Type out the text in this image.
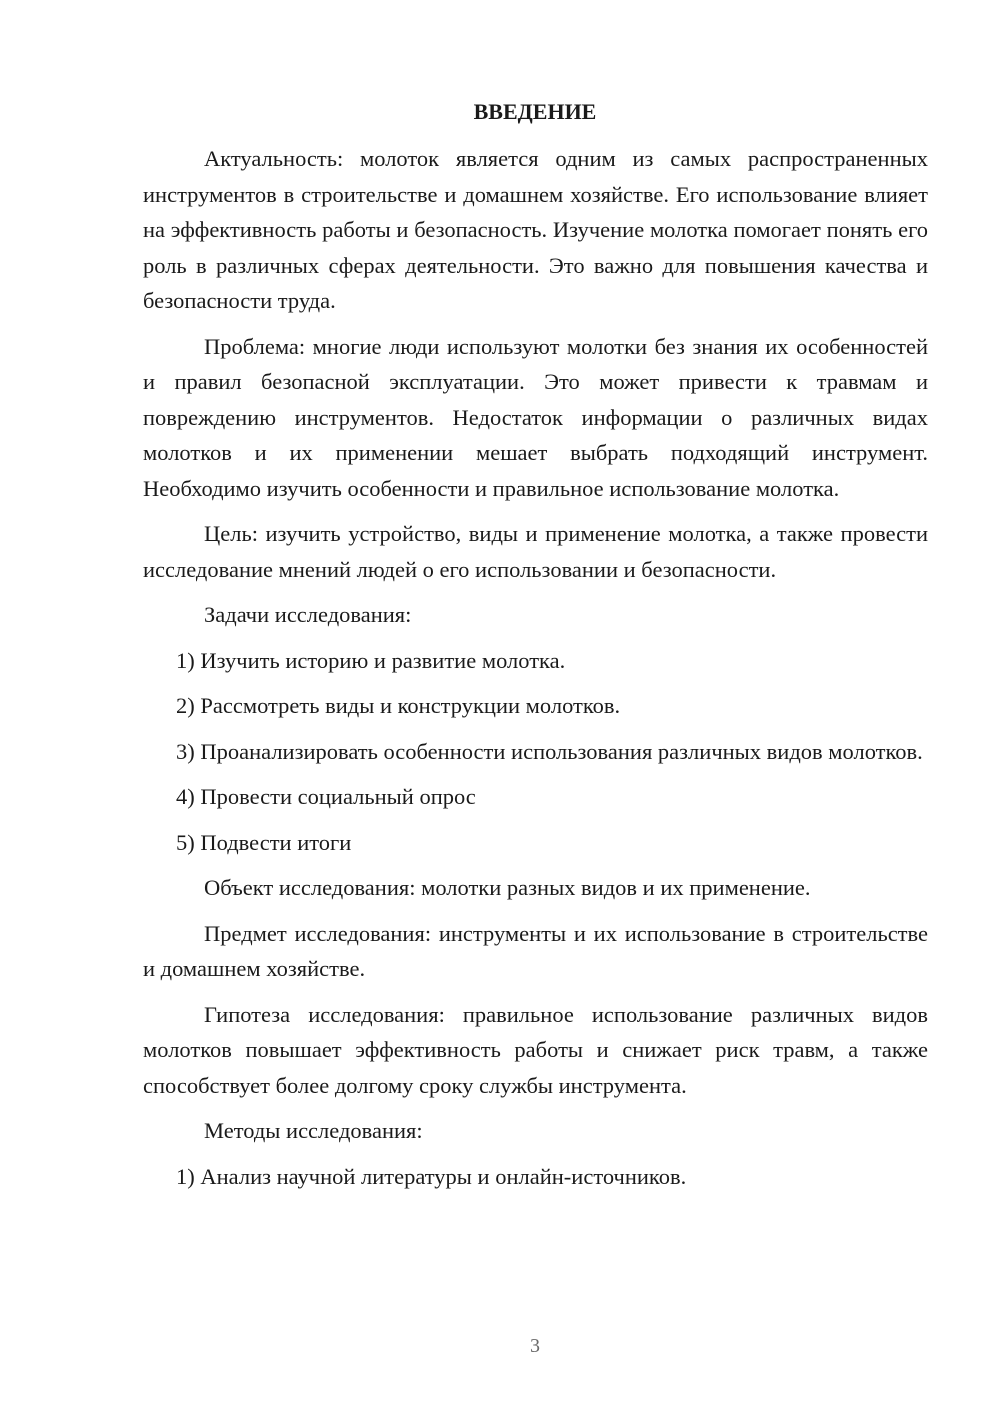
ВВЕДЕНИЕ

Актуальность: молоток является одним из самых распространенных инструментов в строительстве и домашнем хозяйстве. Его использование влияет на эффективность работы и безопасность. Изучение молотка помогает понять его роль в различных сферах деятельности. Это важно для повышения качества и безопасности труда.

Проблема: многие люди используют молотки без знания их особенностей и правил безопасной эксплуатации. Это может привести к травмам и повреждению инструментов. Недостаток информации о различных видах молотков и их применении мешает выбрать подходящий инструмент. Необходимо изучить особенности и правильное использование молотка.

Цель: изучить устройство, виды и применение молотка, а также провести исследование мнений людей о его использовании и безопасности.

Задачи исследования:

1) Изучить историю и развитие молотка.

2) Рассмотреть виды и конструкции молотков.

3) Проанализировать особенности использования различных видов молотков.

4) Провести социальный опрос

5) Подвести итоги

Объект исследования: молотки разных видов и их применение.

Предмет исследования: инструменты и их использование в строительстве и домашнем хозяйстве.

Гипотеза исследования: правильное использование различных видов молотков повышает эффективность работы и снижает риск травм, а также способствует более долгому сроку службы инструмента.

Методы исследования:

1) Анализ научной литературы и онлайн-источников.

3
